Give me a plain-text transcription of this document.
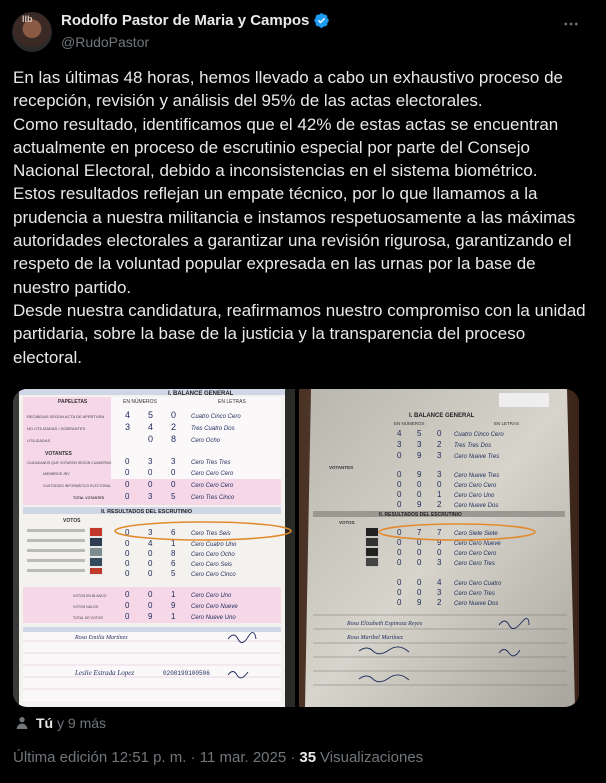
llb Rodolfo Pastor de Maria y Campos
@RudoPastor

En las últimas 48 horas, hemos llevado a cabo un exhaustivo proceso de recepción, revisión y análisis del 95% de las actas electorales.
Como resultado, identificamos que el 42% de estas actas se encuentran actualmente en proceso de escrutinio especial por parte del Consejo Nacional Electoral, debido a inconsistencias en el sistema biométrico.
Estos resultados reflejan un empate técnico, por lo que llamamos a la prudencia a nuestra militancia e instamos respetuosamente a las máximas autoridades electorales a garantizar una revisión rigurosa, garantizando el respeto de la voluntad popular expresada en las urnas por la base de nuestro partido.
Desde nuestra candidatura, reafirmamos nuestro compromiso con la unidad partidaria, sobre la base de la justicia y la transparencia del proceso electoral.

I. BALANCE GENERAL
PAPELETAS	EN NÚMEROS	EN LETRAS
RECIBIDAS SEGÚN ACTA DE APERTURA 4 5 0 Cuatro Cinco Cero
NO UTILIZADAS / SOBRANTES	3 4 2 Tres Cuatro Dos
UTILIZADAS	0 8 Cero Ocho
VOTANTES
CIUDADANOS QUE VOTARON SEGÚN CUADERNO 0 3 3	Cero Tres Tres
MIEMBROS JRV	0 0 0	Cero Cero Cero
CUSTODIOS INFORMÁTICO ELECTORAL 0 0 0	Cero Cero Cero
TOTAL VOTANTES	0 3 5	Cero Tres Cinco
II. RESULTADOS DEL ESCRUTINIO
VOTOS
0 3 6	Cero Tres Seis
0 4 1	Cero Cuatro Uno
0 0 8	Cero Cero Ocho
0 0 6	Cero Cero Seis
0 0 5	Cero Cero Cinco
VOTOS EN BLANCO 0 0 1	Cero Cero Uno
VOTOS NULOS	0 0 9	Cero Cero Nueve
TOTAL DE VOTOS	0 9 1	Cero Nueve Uno
Rosa Emilia Martínez
Leslie Estrada Lopez	0208199100506
I. BALANCE GENERAL
EN NÚMEROS	EN LETRAS
4 5 0 Cuatro Cinco Cero
3 3 2 Tres Tres Dos
0 9 3 Cero Nueve Tres
VOTANTES
0 9 3 Cero Nueve Tres
0 0 0 Cero Cero Cero
0 0 1 Cero Cero Uno
0 9 2 Cero Nueve Dos
II. RESULTADOS DEL ESCRUTINIO
VOTOS
0 7 7 Cero Siete Siete
0 0 9 Cero Cero Nueve
0 0 0 Cero Cero Cero
0 0 3 Cero Cero Tres
0 0 4 Cero Cero Cuatro
0 0 3 Cero Cero Tres
0 9 2 Cero Nueve Dos
Rosa Elizabeth Espinoza Reyes
Rosa Maribel Martínez
Tú y 9 más
Última edición 12:51 p. m. · 11 mar. 2025 · 35 Visualizaciones
